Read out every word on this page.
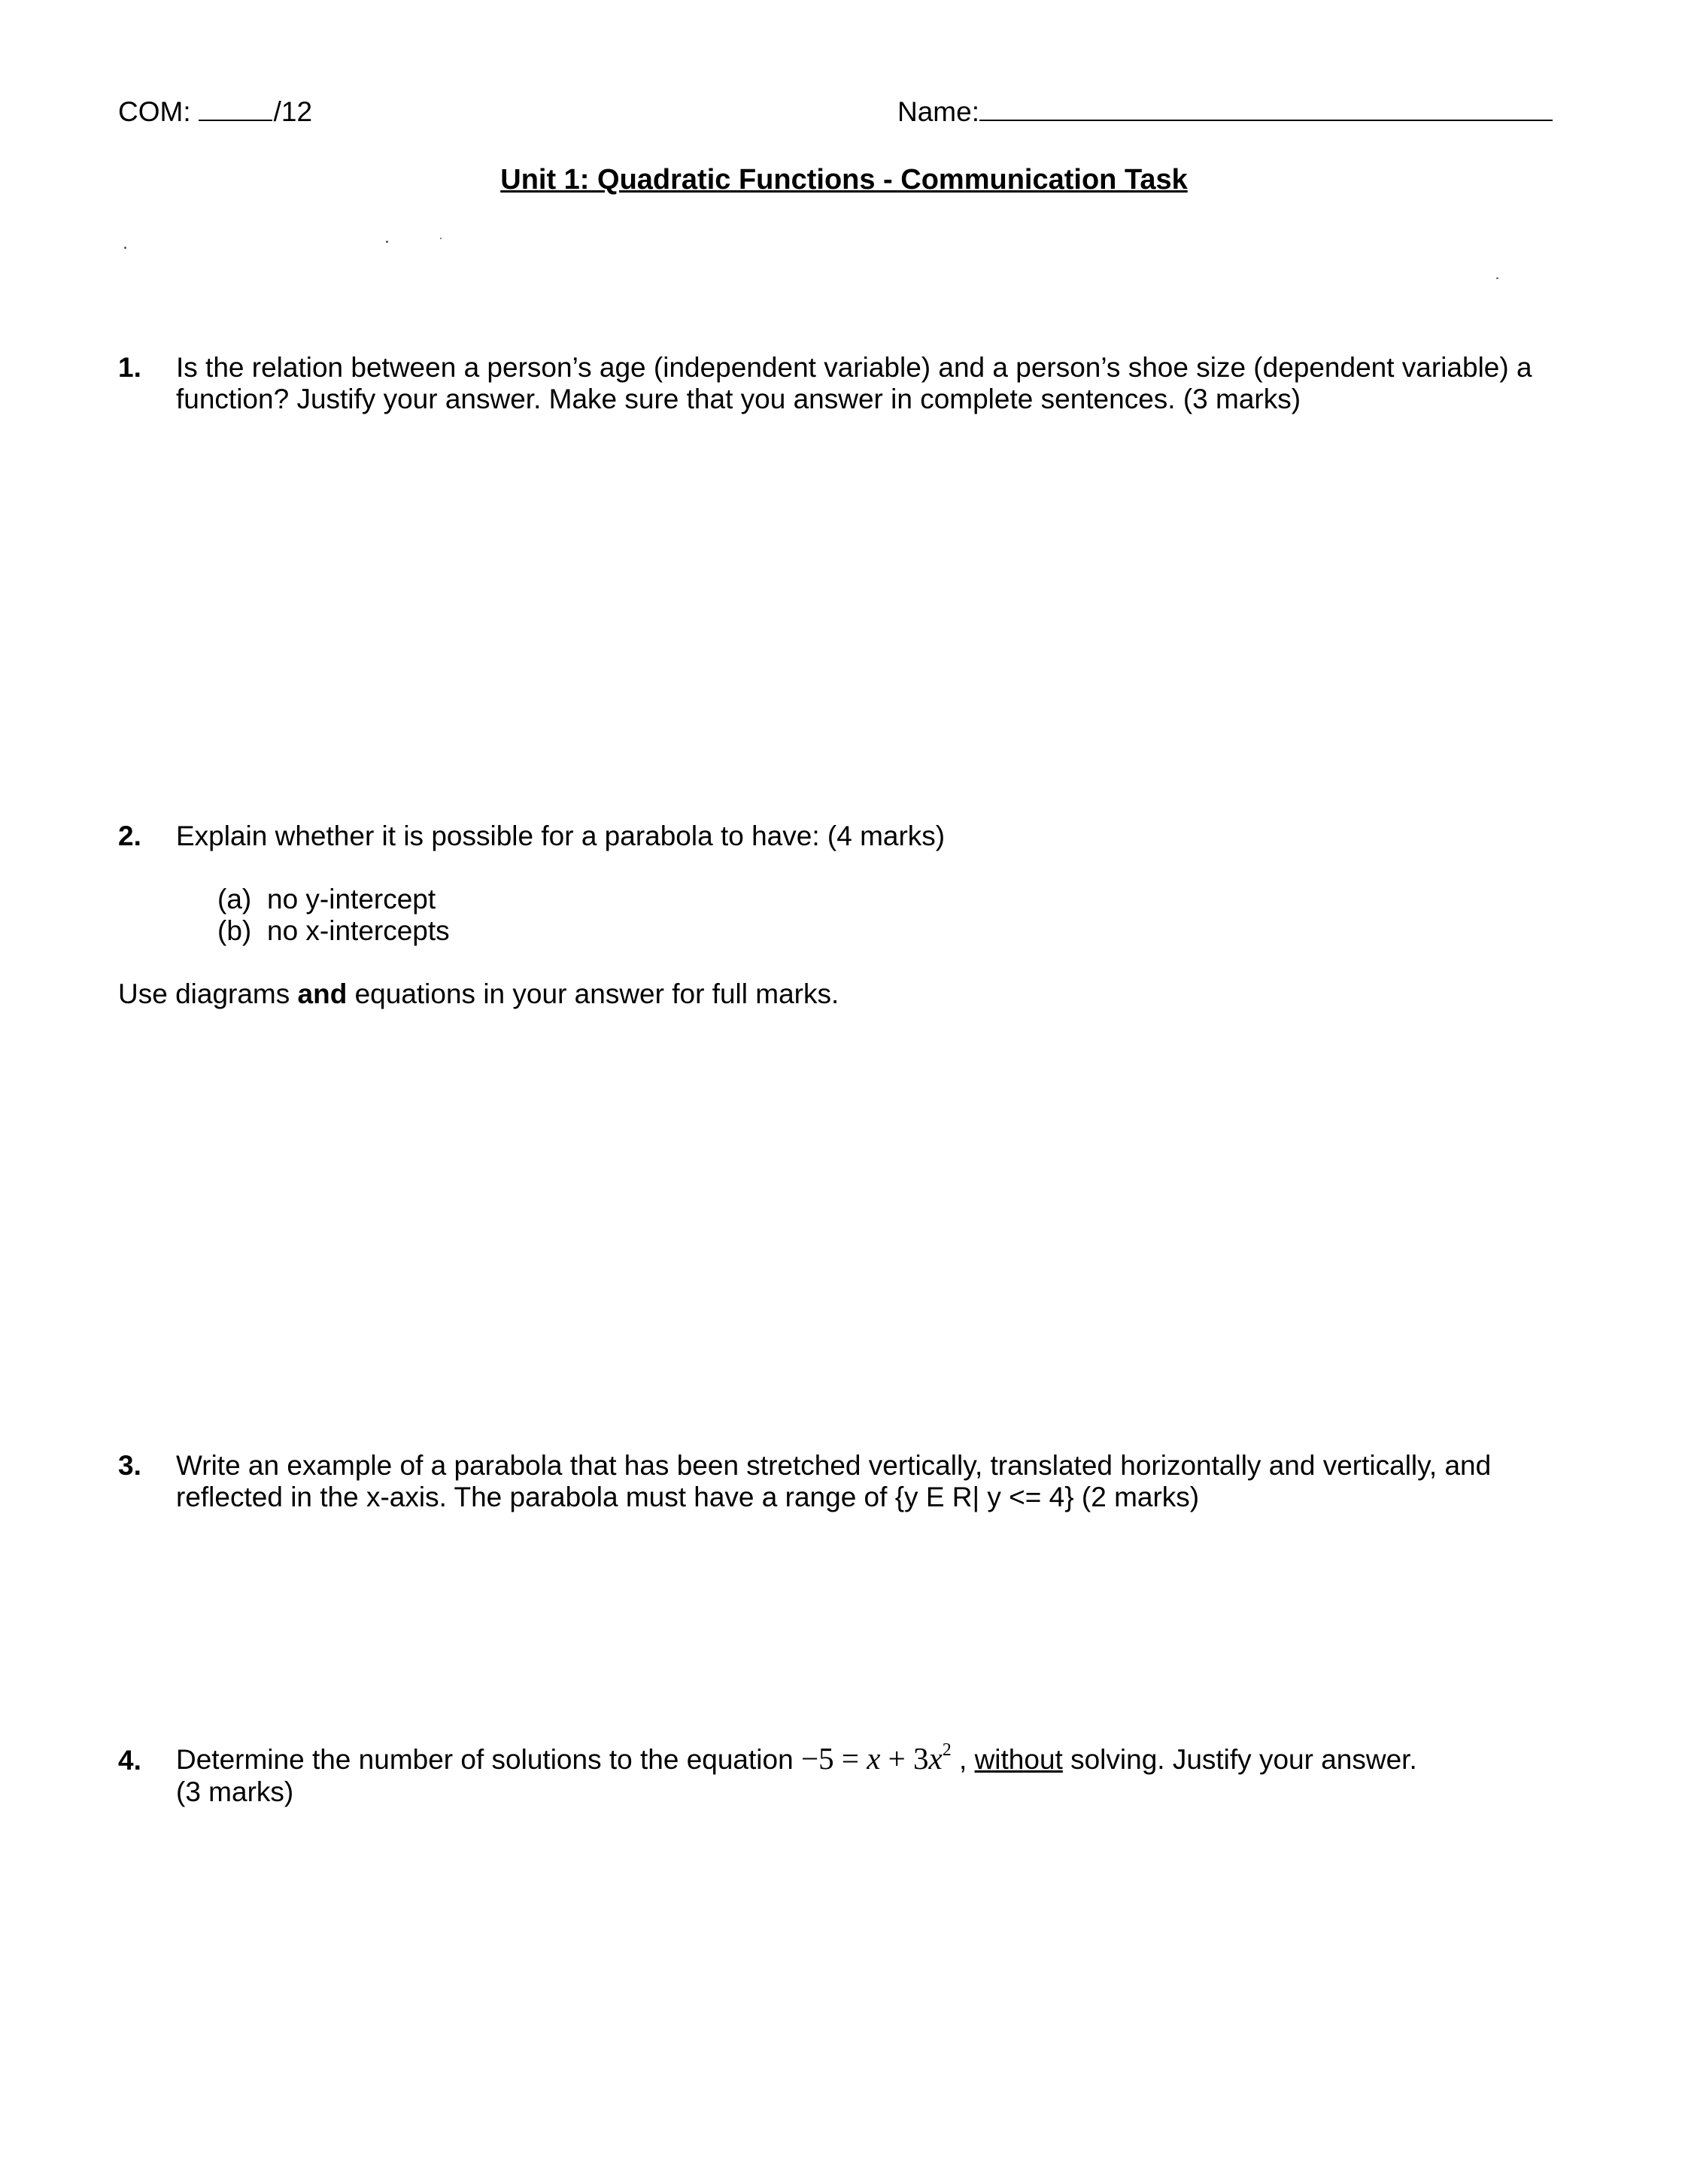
COM:	/12	Name:
Unit 1: Quadratic Functions - Communication Task
1. Is the relation between a person’s age (independent variable) and a person’s shoe size (dependent variable) a
function? Justify your answer. Make sure that you answer in complete sentences. (3 marks)
2. Explain whether it is possible for a parabola to have: (4 marks)
(a) no y-intercept
(b) no x-intercepts
Use diagrams and equations in your answer for full marks.
3. Write an example of a parabola that has been stretched vertically, translated horizontally and vertically, and
reflected in the x-axis. The parabola must have a range of {y E R| y <= 4} (2 marks)
4. Determine the number of solutions to the equation $-5 = x + 3x^2$ , without solving. Justify your answer.
(3 marks)
